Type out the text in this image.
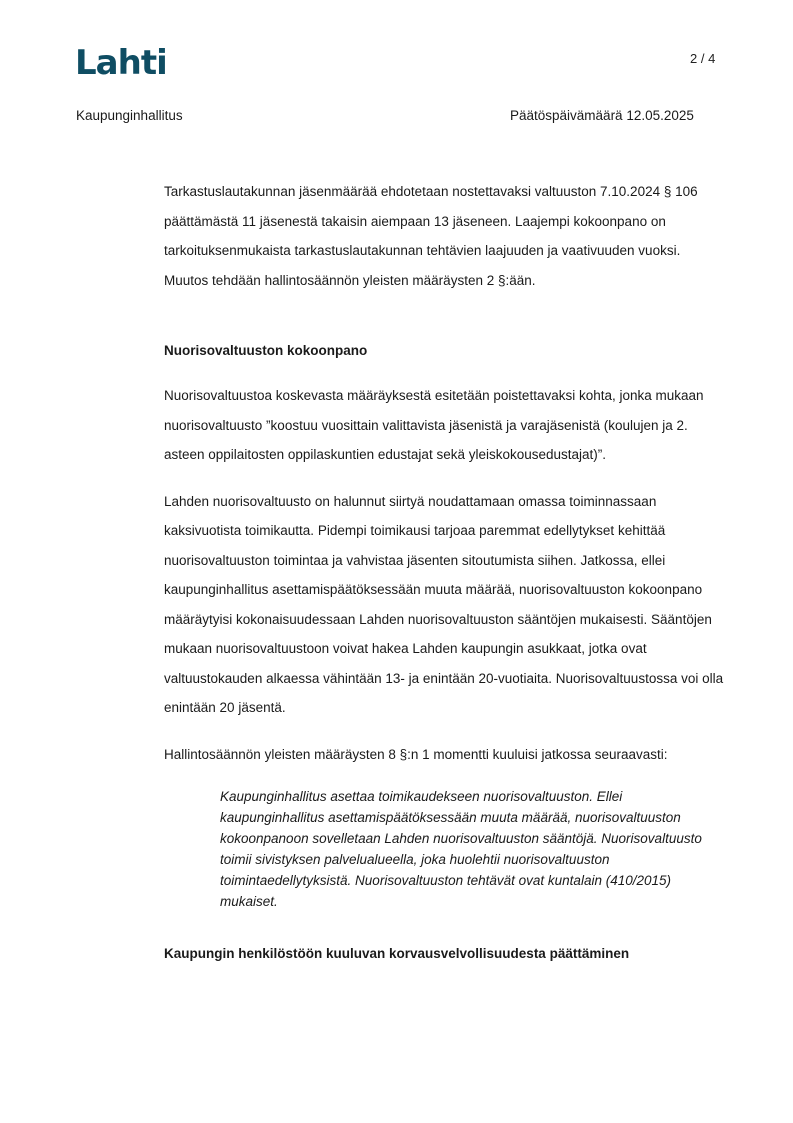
Lahti	2 / 4
Kaupunginhallitus	Päätöspäivämäärä 12.05.2025

Tarkastuslautakunnan jäsenmäärää ehdotetaan nostettavaksi valtuuston 7.10.2024 § 106 päättämästä 11 jäsenestä takaisin aiempaan 13 jäseneen. Laajempi kokoonpano on tarkoituksenmukaista tarkastuslautakunnan tehtävien laajuuden ja vaativuuden vuoksi. Muutos tehdään hallintosäännön yleisten määräysten 2 §:ään.

Nuorisovaltuuston kokoonpano

Nuorisovaltuustoa koskevasta määräyksestä esitetään poistettavaksi kohta, jonka mukaan nuorisovaltuusto ”koostuu vuosittain valittavista jäsenistä ja varajäsenistä (koulujen ja 2. asteen oppilaitosten oppilaskuntien edustajat sekä yleiskokousedustajat)”.

Lahden nuorisovaltuusto on halunnut siirtyä noudattamaan omassa toiminnassaan kaksivuotista toimikautta. Pidempi toimikausi tarjoaa paremmat edellytykset kehittää nuorisovaltuuston toimintaa ja vahvistaa jäsenten sitoutumista siihen. Jatkossa, ellei kaupunginhallitus asettamispäätöksessään muuta määrää, nuorisovaltuuston kokoonpano määräytyisi kokonaisuudessaan Lahden nuorisovaltuuston sääntöjen mukaisesti. Sääntöjen mukaan nuorisovaltuustoon voivat hakea Lahden kaupungin asukkaat, jotka ovat valtuustokauden alkaessa vähintään 13- ja enintään 20-vuotiaita. Nuorisovaltuustossa voi olla enintään 20 jäsentä.

Hallintosäännön yleisten määräysten 8 §:n 1 momentti kuuluisi jatkossa seuraavasti:

Kaupunginhallitus asettaa toimikaudekseen nuorisovaltuuston. Ellei kaupunginhallitus asettamispäätöksessään muuta määrää, nuorisovaltuuston kokoonpanoon sovelletaan Lahden nuorisovaltuuston sääntöjä. Nuorisovaltuusto toimii sivistyksen palvelualueella, joka huolehtii nuorisovaltuuston toimintaedellytyksistä. Nuorisovaltuuston tehtävät ovat kuntalain (410/2015) mukaiset.

Kaupungin henkilöstöön kuuluvan korvausvelvollisuudesta päättäminen
